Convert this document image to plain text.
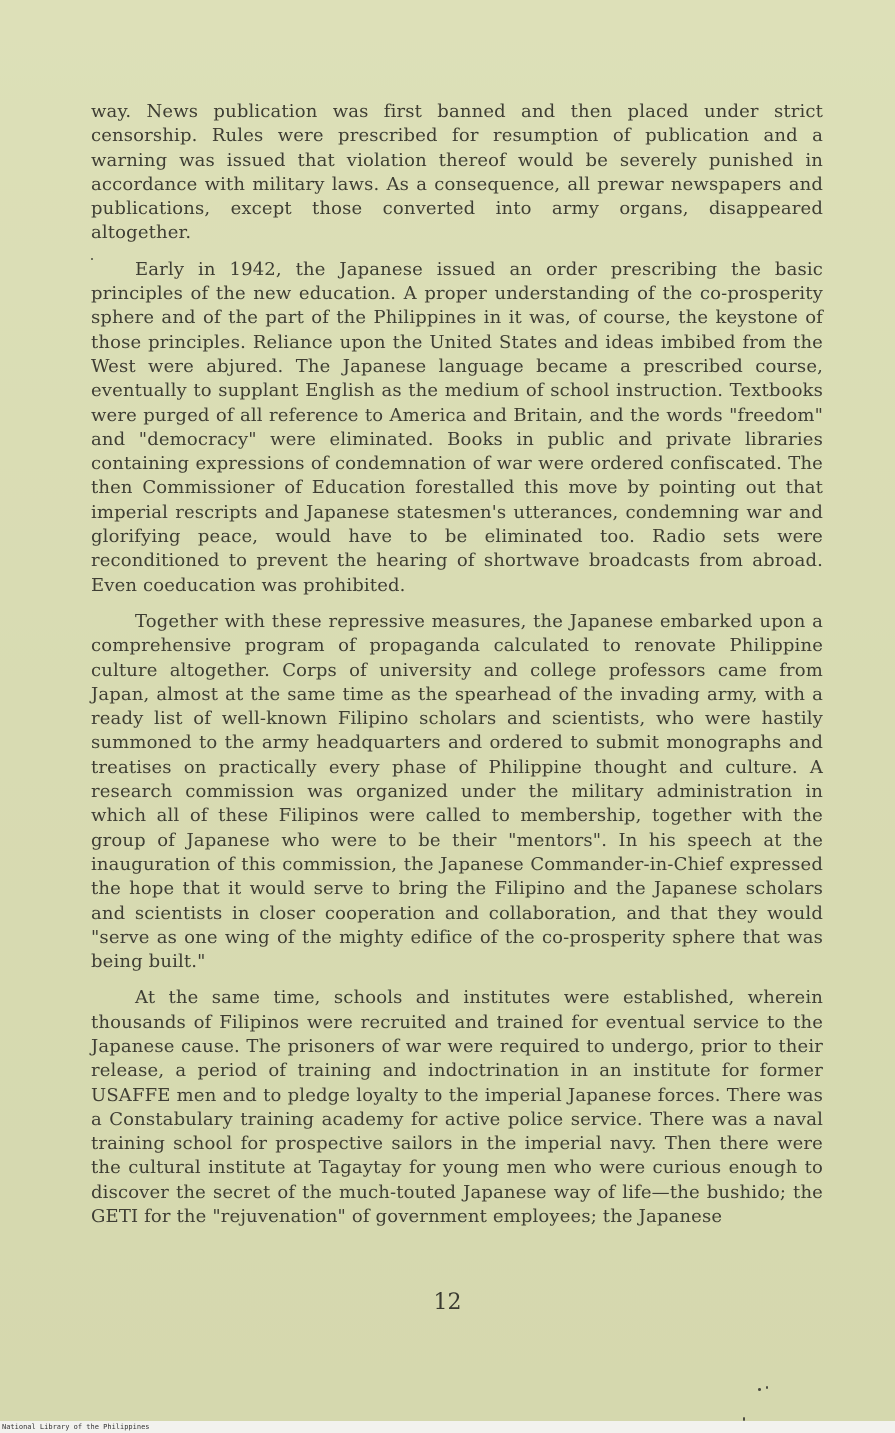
way. News publication was first banned and then placed under strict censorship. Rules were prescribed for resumption of publication and a warning was issued that violation thereof would be severely punished in accordance with military laws. As a consequence, all prewar newspapers and publications, except those converted into army organs, disappeared altogether.

Early in 1942, the Japanese issued an order prescribing the basic principles of the new education. A proper understanding of the co-prosperity sphere and of the part of the Philippines in it was, of course, the keystone of those principles. Reliance upon the United States and ideas imbibed from the West were abjured. The Japanese language became a prescribed course, eventually to supplant English as the medium of school instruction. Textbooks were purged of all reference to America and Britain, and the words "freedom" and "democracy" were eliminated. Books in public and private libraries containing expressions of condemnation of war were ordered confiscated. The then Commissioner of Education forestalled this move by pointing out that imperial rescripts and Japanese statesmen's utterances, condemning war and glorifying peace, would have to be eliminated too. Radio sets were reconditioned to prevent the hearing of shortwave broadcasts from abroad. Even coeducation was prohibited.

Together with these repressive measures, the Japanese embarked upon a comprehensive program of propaganda calculated to renovate Philippine culture altogether. Corps of university and college professors came from Japan, almost at the same time as the spearhead of the invading army, with a ready list of well-known Filipino scholars and scientists, who were hastily summoned to the army headquarters and ordered to submit monographs and treatises on practically every phase of Philippine thought and culture. A research commission was organized under the military administration in which all of these Filipinos were called to membership, together with the group of Japanese who were to be their "mentors". In his speech at the inauguration of this commission, the Japanese Commander-in-Chief expressed the hope that it would serve to bring the Filipino and the Japanese scholars and scientists in closer cooperation and collaboration, and that they would "serve as one wing of the mighty edifice of the co-prosperity sphere that was being built."

At the same time, schools and institutes were established, wherein thousands of Filipinos were recruited and trained for eventual service to the Japanese cause. The prisoners of war were required to undergo, prior to their release, a period of training and indoctrination in an institute for former USAFFE men and to pledge loyalty to the imperial Japanese forces. There was a Constabulary training academy for active police service. There was a naval training school for prospective sailors in the imperial navy. Then there were the cultural institute at Tagaytay for young men who were curious enough to discover the secret of the much-touted Japanese way of life—the bushido; the GETI for the "rejuvenation" of government employees; the Japanese

12
National Library of the Philippines
